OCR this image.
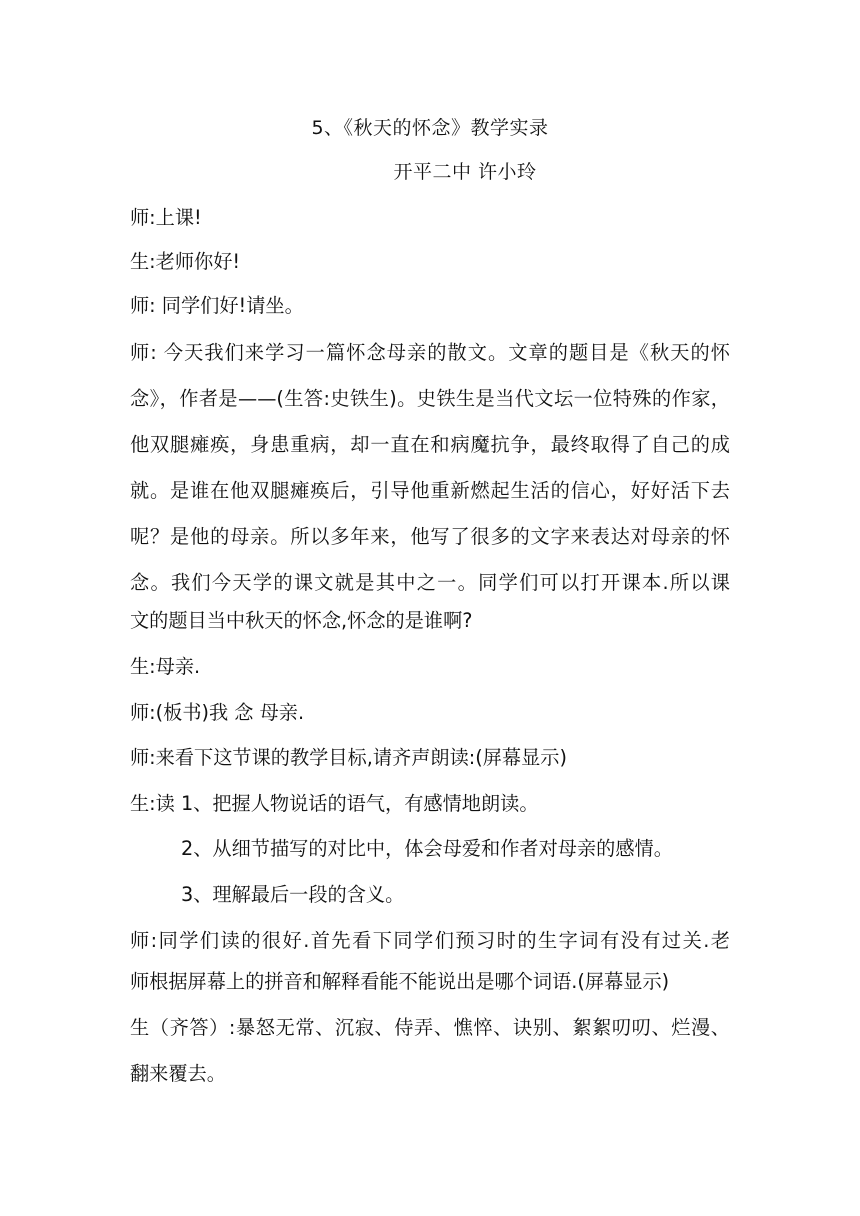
5、《秋天的怀念》教学实录
开平二中 许小玲
师:上课!
生:老师你好!
师: 同学们好!请坐。
师: 今天我们来学习一篇怀念母亲的散文。文章的题目是《秋天的怀
念》，作者是——(生答:史铁生)。史铁生是当代文坛一位特殊的作家，
他双腿瘫痪，身患重病，却一直在和病魔抗争，最终取得了自己的成
就。是谁在他双腿瘫痪后，引导他重新燃起生活的信心，好好活下去
呢？是他的母亲。所以多年来，他写了很多的文字来表达对母亲的怀
念。我们今天学的课文就是其中之一。同学们可以打开课本.所以课
文的题目当中秋天的怀念,怀念的是谁啊?
生:母亲.
师:(板书)我 念 母亲.
师:来看下这节课的教学目标,请齐声朗读:(屏幕显示)
生:读 1、把握人物说话的语气，有感情地朗读。
2、从细节描写的对比中，体会母爱和作者对母亲的感情。
3、理解最后一段的含义。
师:同学们读的很好.首先看下同学们预习时的生字词有没有过关.老
师根据屏幕上的拼音和解释看能不能说出是哪个词语.(屏幕显示)
生（齐答）:暴怒无常、沉寂、侍弄、憔悴、诀别、絮絮叨叨、烂漫、
翻来覆去。
